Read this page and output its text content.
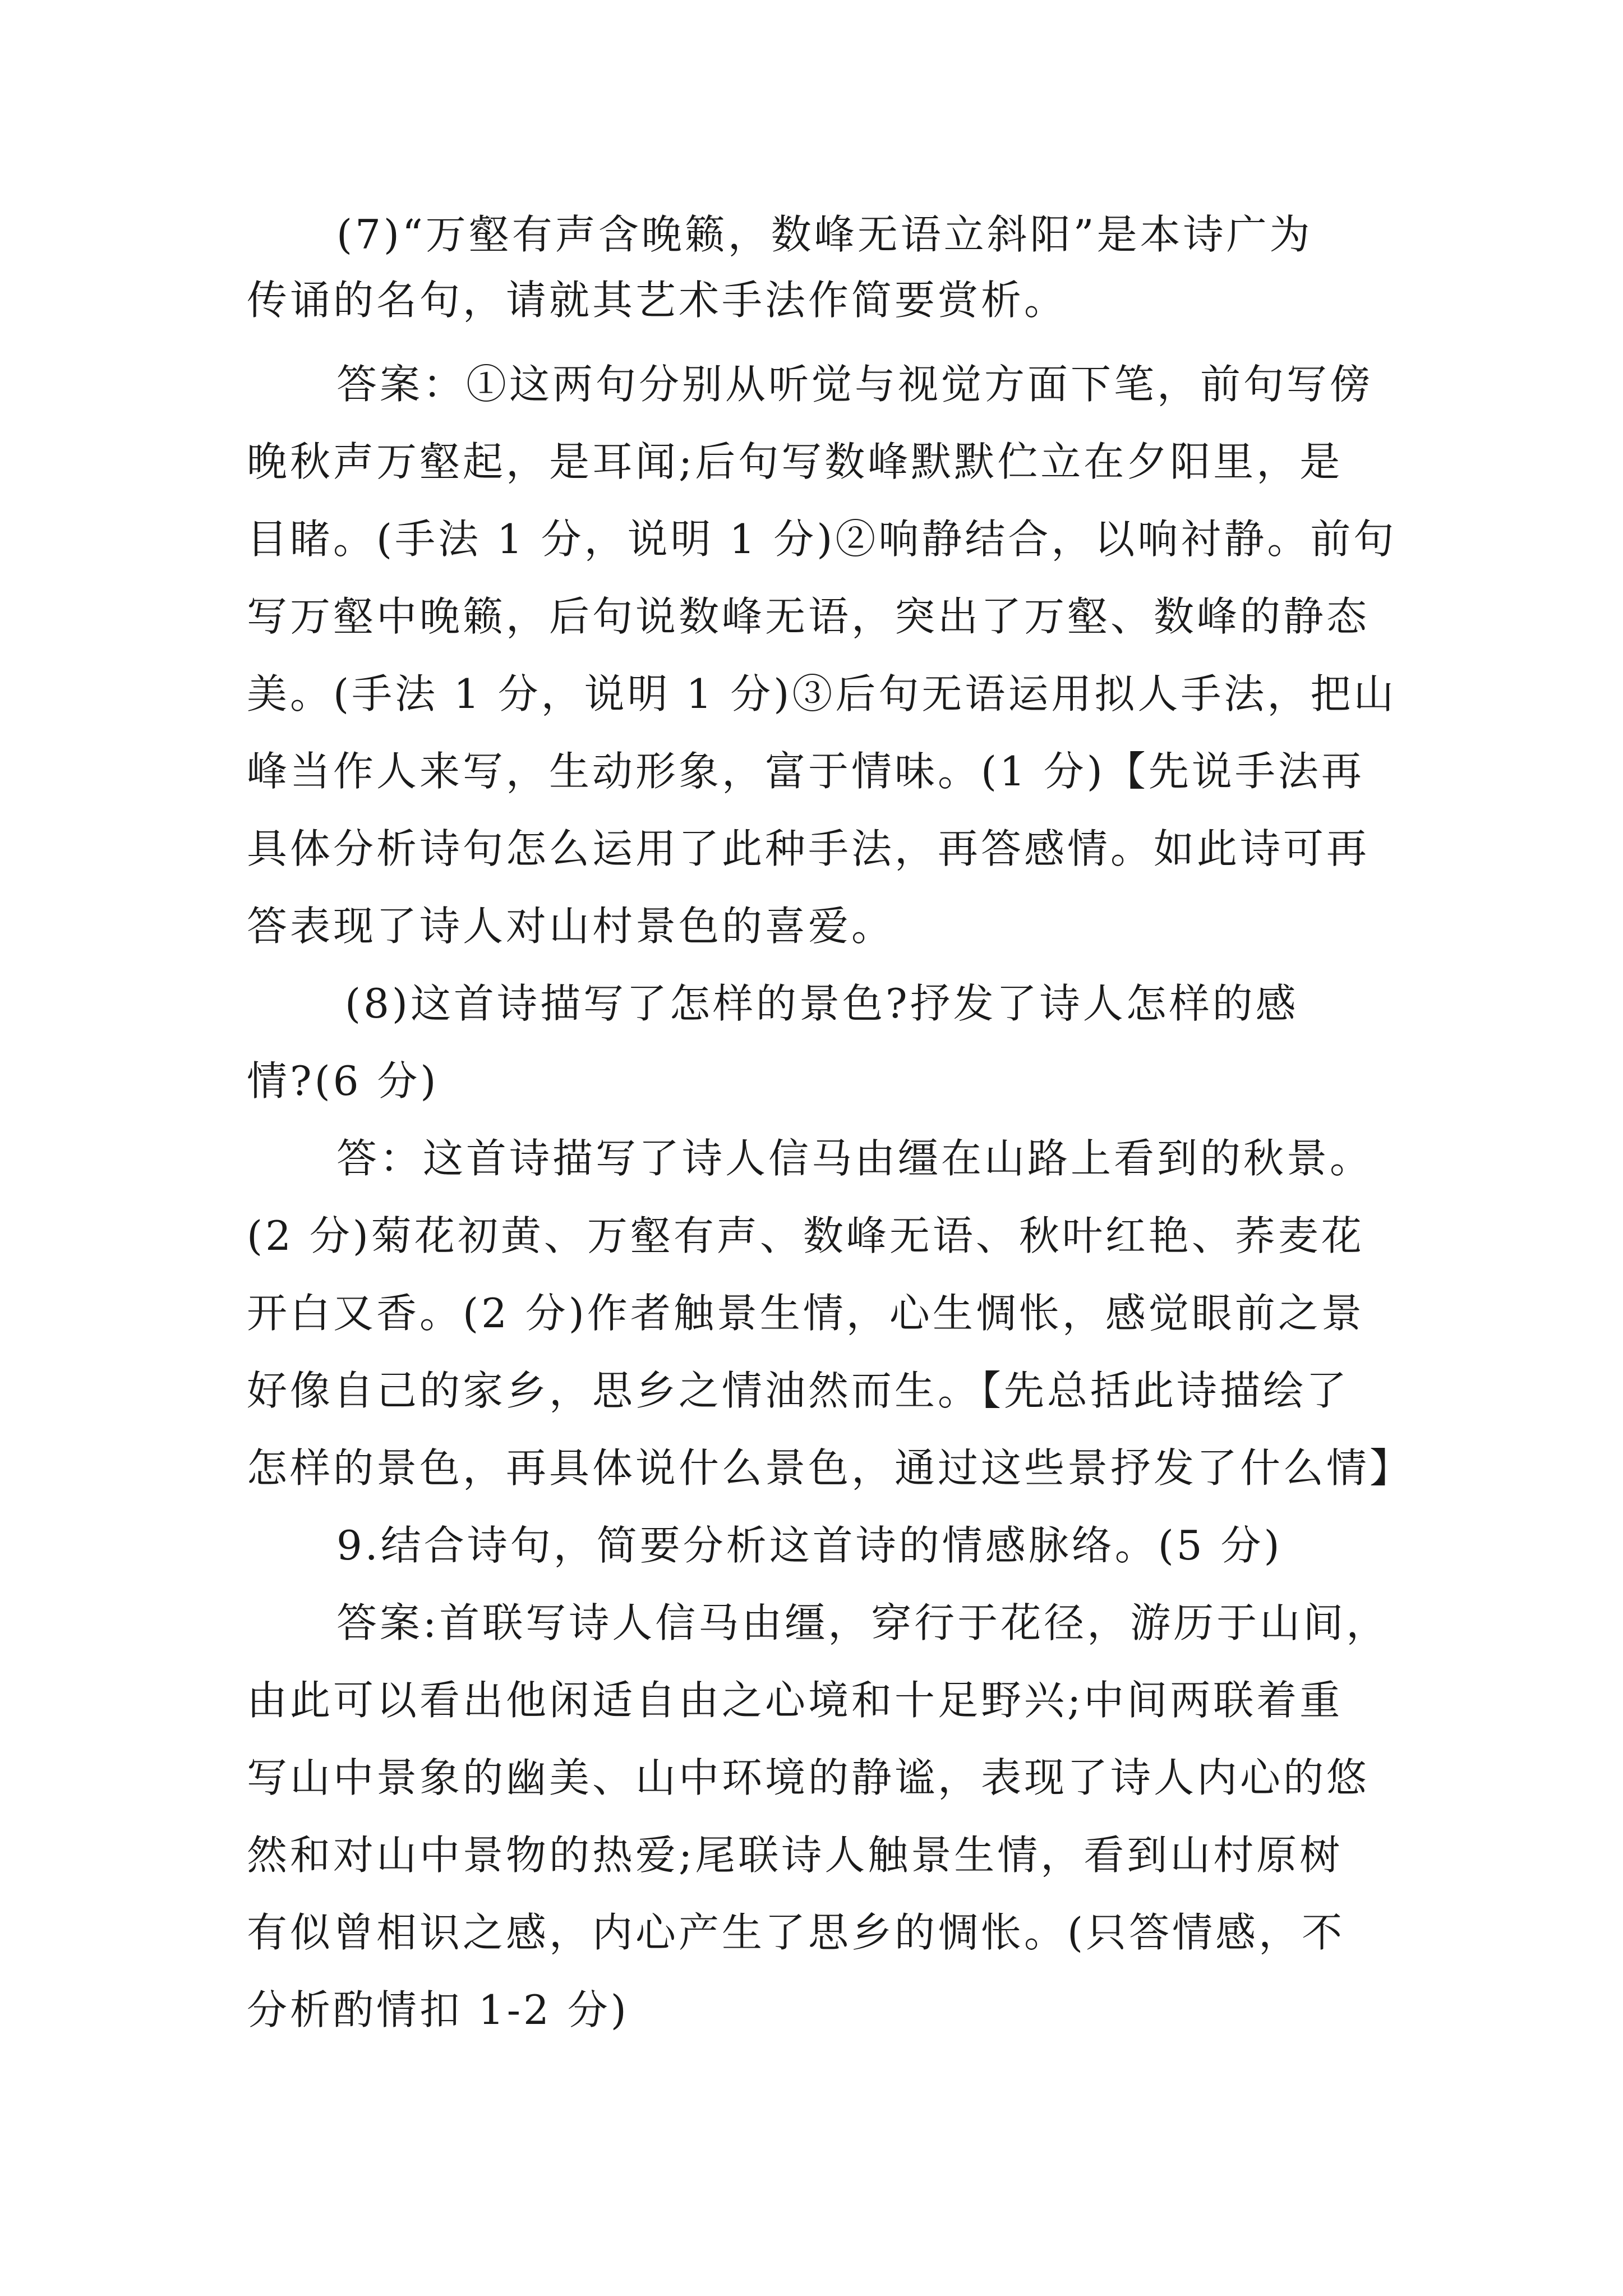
(7)“万壑有声含晚籁，数峰无语立斜阳”是本诗广为
传诵的名句，请就其艺术手法作简要赏析。
答案：①这两句分别从听觉与视觉方面下笔，前句写傍
晚秋声万壑起，是耳闻;后句写数峰默默伫立在夕阳里，是
目睹。(手法 1 分，说明 1 分)②响静结合，以响衬静。前句
写万壑中晚籁，后句说数峰无语，突出了万壑、数峰的静态
美。(手法 1 分，说明 1 分)③后句无语运用拟人手法，把山
峰当作人来写，生动形象，富于情味。(1 分)【先说手法再
具体分析诗句怎么运用了此种手法，再答感情。如此诗可再
答表现了诗人对山村景色的喜爱。
(8)这首诗描写了怎样的景色?抒发了诗人怎样的感
情?(6 分)
答：这首诗描写了诗人信马由缰在山路上看到的秋景。
(2 分)菊花初黄、万壑有声、数峰无语、秋叶红艳、荞麦花
开白又香。(2 分)作者触景生情，心生惆怅，感觉眼前之景
好像自己的家乡，思乡之情油然而生。【先总括此诗描绘了
怎样的景色，再具体说什么景色，通过这些景抒发了什么情】
9.结合诗句，简要分析这首诗的情感脉络。(5 分)
答案:首联写诗人信马由缰，穿行于花径，游历于山间，
由此可以看出他闲适自由之心境和十足野兴;中间两联着重
写山中景象的幽美、山中环境的静谧，表现了诗人内心的悠
然和对山中景物的热爱;尾联诗人触景生情，看到山村原树
有似曾相识之感，内心产生了思乡的惆怅。(只答情感，不
分析酌情扣 1-2 分)
